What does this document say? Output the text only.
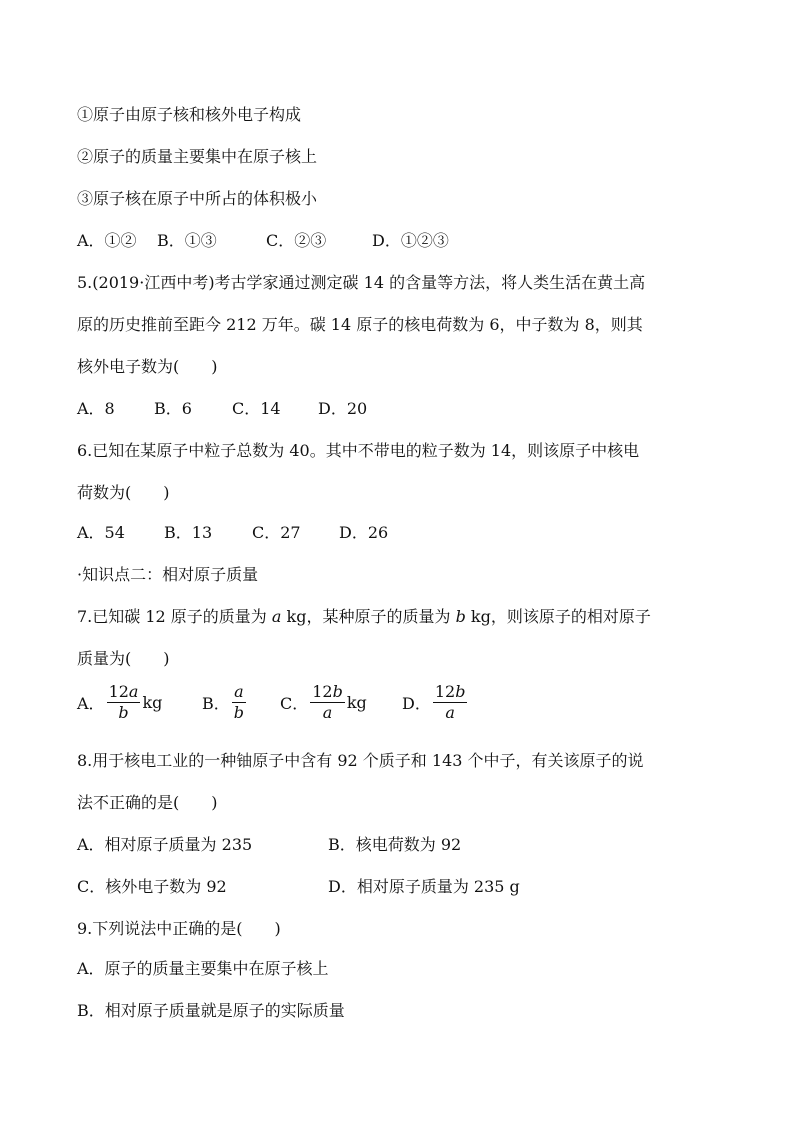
①原子由原子核和核外电子构成
②原子的质量主要集中在原子核上
③原子核在原子中所占的体积极小
A．①② B．①③	C．②③	D．①②③
5.(2019·江西中考)考古学家通过测定碳 14 的含量等方法，将人类生活在黄土高
原的历史推前至距今 212 万年。碳 14 原子的核电荷数为 6，中子数为 8，则其
核外电子数为(　　)
A．8 B．6	C．14 D．20
6.已知在某原子中粒子总数为 40。其中不带电的粒子数为 14，则该原子中核电
荷数为(　　)
A．54 B．13 C．27 D．26
·知识点二：相对原子质量
7.已知碳 12 原子的质量为 a kg，某种原子的质量为 b kg，则该原子的相对原子
质量为(　　)
A． $\frac{12a}{b}$ kg B． $\frac{a}{b}$ C． $\frac{12b}{a}$ kg D． $\frac{12b}{a}$
8.用于核电工业的一种铀原子中含有 92 个质子和 143 个中子，有关该原子的说
法不正确的是(　　)
A．相对原子质量为 235	B．核电荷数为 92
C．核外电子数为 92	D．相对原子质量为 235 g
9.下列说法中正确的是(　　)
A．原子的质量主要集中在原子核上
B．相对原子质量就是原子的实际质量
